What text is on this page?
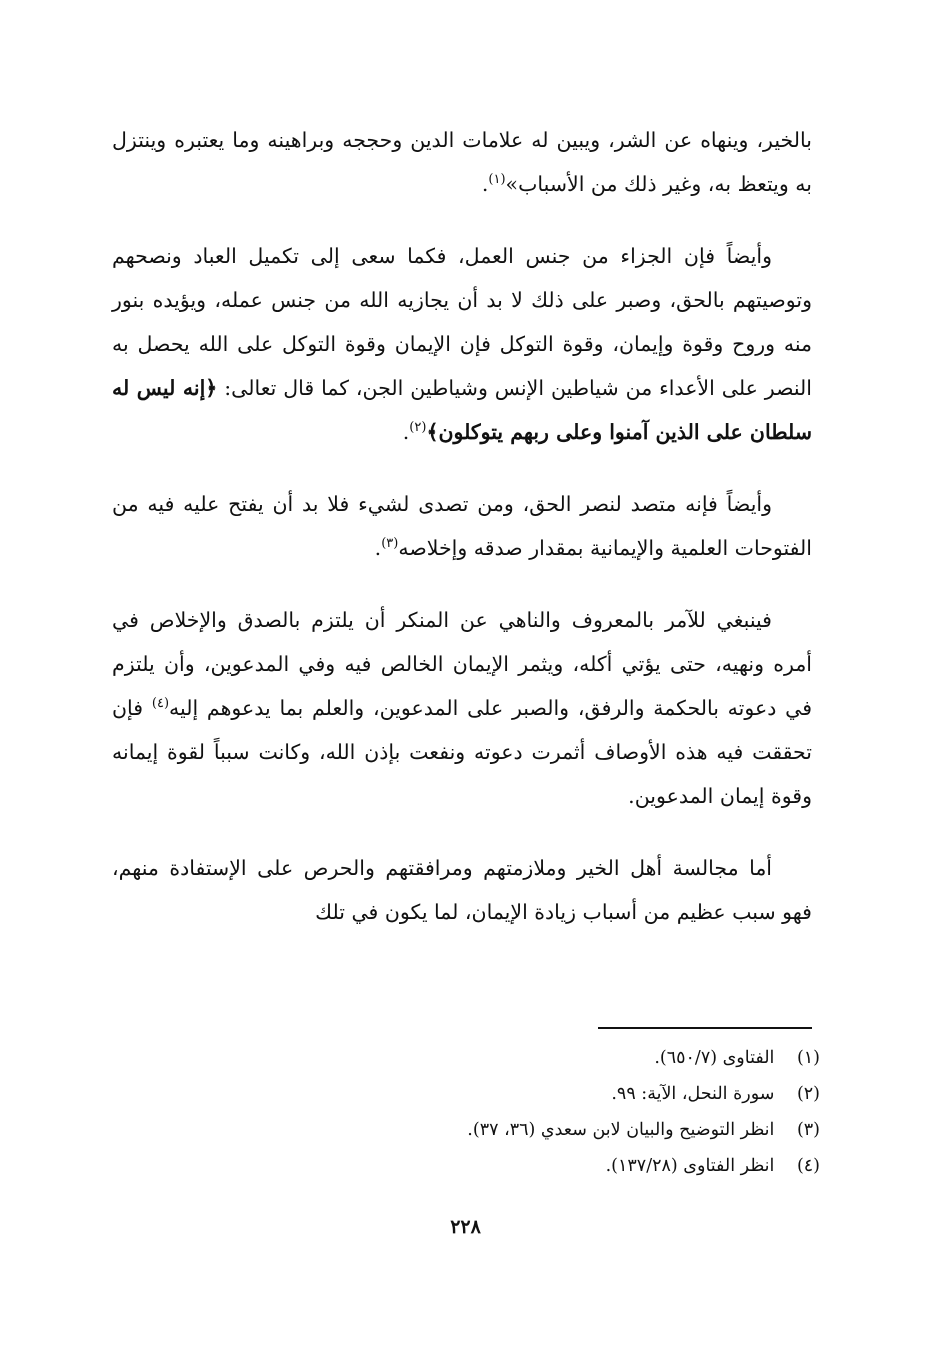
بالخير، وينهاه عن الشر، ويبين له علامات الدين وحججه وبراهينه وما يعتبره وينتزل به ويتعظ به، وغير ذلك من الأسباب»$^{(١)}$.

وأيضاً فإن الجزاء من جنس العمل، فكما سعى إلى تكميل العباد ونصحهم وتوصيتهم بالحق، وصبر على ذلك لا بد أن يجازيه الله من جنس عمله، ويؤيده بنور منه وروح وقوة وإيمان، وقوة التوكل فإن الإيمان وقوة التوكل على الله يحصل به النصر على الأعداء من شياطين الإنس وشياطين الجن، كما قال تعالى: ﴿إنه ليس له سلطان على الذين آمنوا وعلى ربهم يتوكلون﴾$^{(٢)}$.

وأيضاً فإنه متصد لنصر الحق، ومن تصدى لشيء فلا بد أن يفتح عليه فيه من الفتوحات العلمية والإيمانية بمقدار صدقه وإخلاصه$^{(٣)}$.

فينبغي للآمر بالمعروف والناهي عن المنكر أن يلتزم بالصدق والإخلاص في أمره ونهيه، حتى يؤتي أكله، ويثمر الإيمان الخالص فيه وفي المدعوين، وأن يلتزم في دعوته بالحكمة والرفق، والصبر على المدعوين، والعلم بما يدعوهم إليه$^{(٤)}$ فإن تحققت فيه هذه الأوصاف أثمرت دعوته ونفعت بإذن الله، وكانت سبباً لقوة إيمانه وقوة إيمان المدعوين.

أما مجالسة أهل الخير وملازمتهم ومرافقتهم والحرص على الإستفادة منهم، فهو سبب عظيم من أسباب زيادة الإيمان، لما يكون في تلك

(١) الفتاوى (٦٥٠/٧).
(٢) سورة النحل، الآية: ٩٩.
(٣) انظر التوضيح والبيان لابن سعدي (٣٦، ٣٧).
(٤) انظر الفتاوى (١٣٧/٢٨).
٢٢٨
